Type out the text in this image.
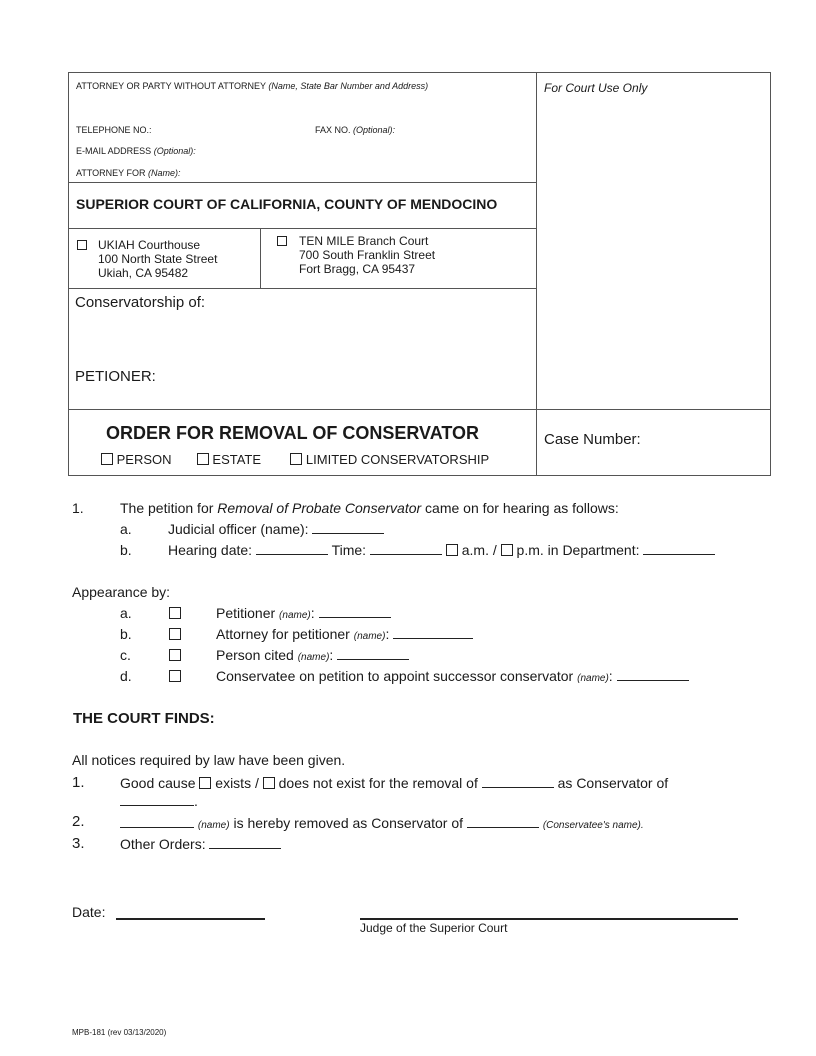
ATTORNEY OR PARTY WITHOUT ATTORNEY (Name, State Bar Number and Address)
TELEPHONE NO.:	FAX NO. (Optional):
E-MAIL ADDRESS (Optional):
ATTORNEY FOR (Name):
For Court Use Only
SUPERIOR COURT OF CALIFORNIA, COUNTY OF MENDOCINO
UKIAH Courthouse
100 North State Street
Ukiah, CA 95482
TEN MILE Branch Court
700 South Franklin Street
Fort Bragg, CA 95437
Conservatorship of:
PETIONER:
ORDER FOR REMOVAL OF CONSERVATOR
PERSON	ESTATE	LIMITED CONSERVATORSHIP
Case Number:
1.	The petition for Removal of Probate Conservator came on for hearing as follows:
a.	Judicial officer (name):
b.	Hearing date:	Time:	a.m. / p.m. in Department:
Appearance by:
a.	Petitioner (name):
b.	Attorney for petitioner (name):
c.	Person cited (name):
d.	Conservatee on petition to appoint successor conservator (name):
THE COURT FINDS:
All notices required by law have been given.
1.	Good cause exists / does not exist for the removal of	as Conservator of
.
2.	(name) is hereby removed as Conservator of	(Conservatee's name).
3.	Other Orders:
Date:
Judge of the Superior Court
MPB-181 (rev 03/13/2020)
